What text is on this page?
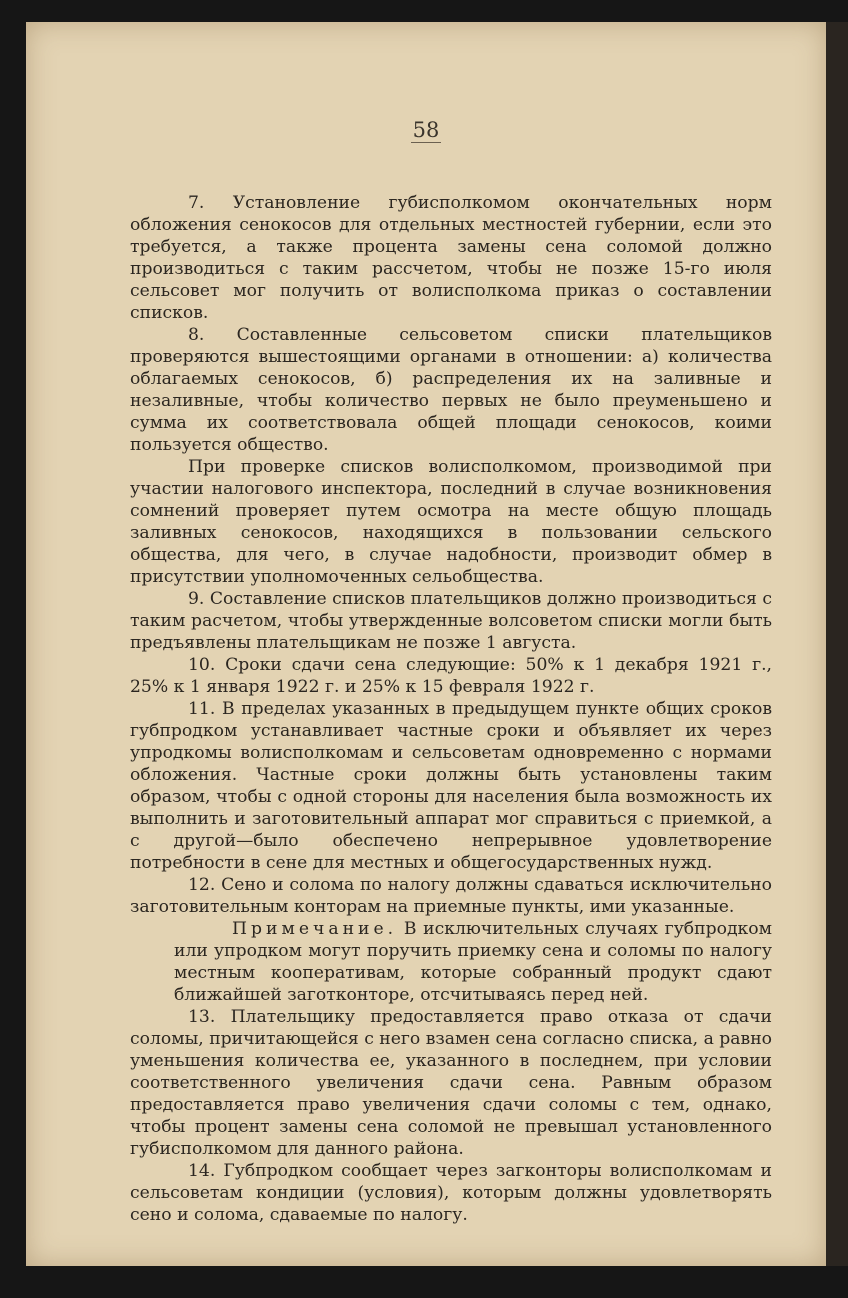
58

7. Установление губисполкомом окончательных норм обложения сенокосов для отдельных местностей губернии, если это требуется, а также процента замены сена соломой должно производиться с таким рассчетом, чтобы не позже 15-го июля сельсовет мог получить от волисполкома приказ о составлении списков.

8. Составленные сельсоветом списки плательщиков проверяются вышестоящими органами в отношении: а) количества облагаемых сенокосов, б) распределения их на заливные и незаливные, чтобы количество первых не было преуменьшено и сумма их соответствовала общей площади сенокосов, коими пользуется общество.

При проверке списков волисполкомом, производимой при участии налогового инспектора, последний в случае возникновения сомнений проверяет путем осмотра на месте общую площадь заливных сенокосов, находящихся в пользовании сельского общества, для чего, в случае надобности, производит обмер в присутствии уполномоченных сельобщества.

9. Составление списков плательщиков должно производиться с таким расчетом, чтобы утвержденные волсоветом списки могли быть предъявлены плательщикам не позже 1 августа.

10. Сроки сдачи сена следующие: 50% к 1 декабря 1921 г., 25% к 1 января 1922 г. и 25% к 15 февраля 1922 г.

11. В пределах указанных в предыдущем пункте общих сроков губпродком устанавливает частные сроки и объявляет их через упродкомы волисполкомам и сельсоветам одновременно с нормами обложения. Частные сроки должны быть установлены таким образом, чтобы с одной стороны для населения была возможность их выполнить и заготовительный аппарат мог справиться с приемкой, а с другой—было обеспечено непрерывное удовлетворение потребности в сене для местных и общегосударственных нужд.

12. Сено и солома по налогу должны сдаваться исключительно заготовительным конторам на приемные пункты, ими указанные.

Примечание. В исключительных случаях губпродком или упродком могут поручить приемку сена и соломы по налогу местным кооперативам, которые собранный продукт сдают ближайшей заготконторе, отсчитываясь перед ней.

13. Плательщику предоставляется право отказа от сдачи соломы, причитающейся с него взамен сена согласно списка, а равно уменьшения количества ее, указанного в последнем, при условии соответственного увеличения сдачи сена. Равным образом предоставляется право увеличения сдачи соломы с тем, однако, чтобы процент замены сена соломой не превышал установленного губисполкомом для данного района.

14. Губпродком сообщает через загконторы волисполкомам и сельсоветам кондиции (условия), которым должны удовлетворять сено и солома, сдаваемые по налогу.
